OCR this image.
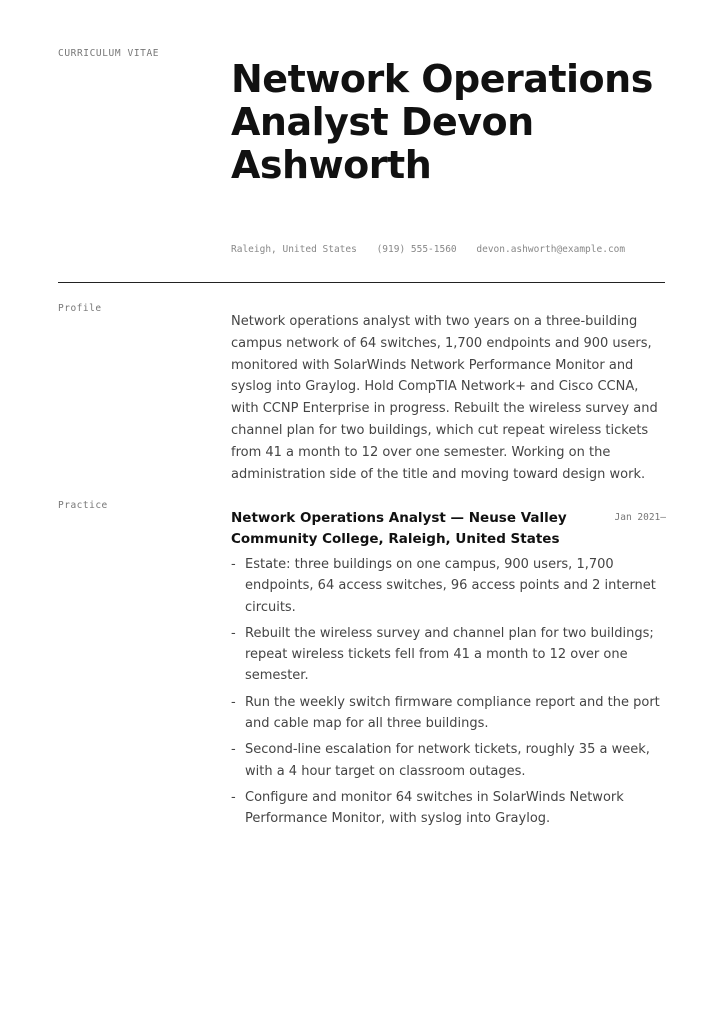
CURRICULUM VITAE
Network Operations Analyst Devon Ashworth
Raleigh, United States (919) 555-1560 devon.ashworth@example.com
Profile

Network operations analyst with two years on a three-building campus network of 64 switches, 1,700 endpoints and 900 users, monitored with SolarWinds Network Performance Monitor and syslog into Graylog. Hold CompTIA Network+ and Cisco CCNA, with CCNP Enterprise in progress. Rebuilt the wireless survey and channel plan for two buildings, which cut repeat wireless tickets from 41 a month to 12 over one semester. Working on the administration side of the title and moving toward design work.

Practice
Network Operations Analyst — Neuse Valley Community College, Raleigh, United States
Jan 2021–
- Estate: three buildings on one campus, 900 users, 1,700 endpoints, 64 access switches, 96 access points and 2 internet circuits.
- Rebuilt the wireless survey and channel plan for two buildings; repeat wireless tickets fell from 41 a month to 12 over one semester.
- Run the weekly switch firmware compliance report and the port and cable map for all three buildings.
- Second-line escalation for network tickets, roughly 35 a week, with a 4 hour target on classroom outages.
- Configure and monitor 64 switches in SolarWinds Network Performance Monitor, with syslog into Graylog.
